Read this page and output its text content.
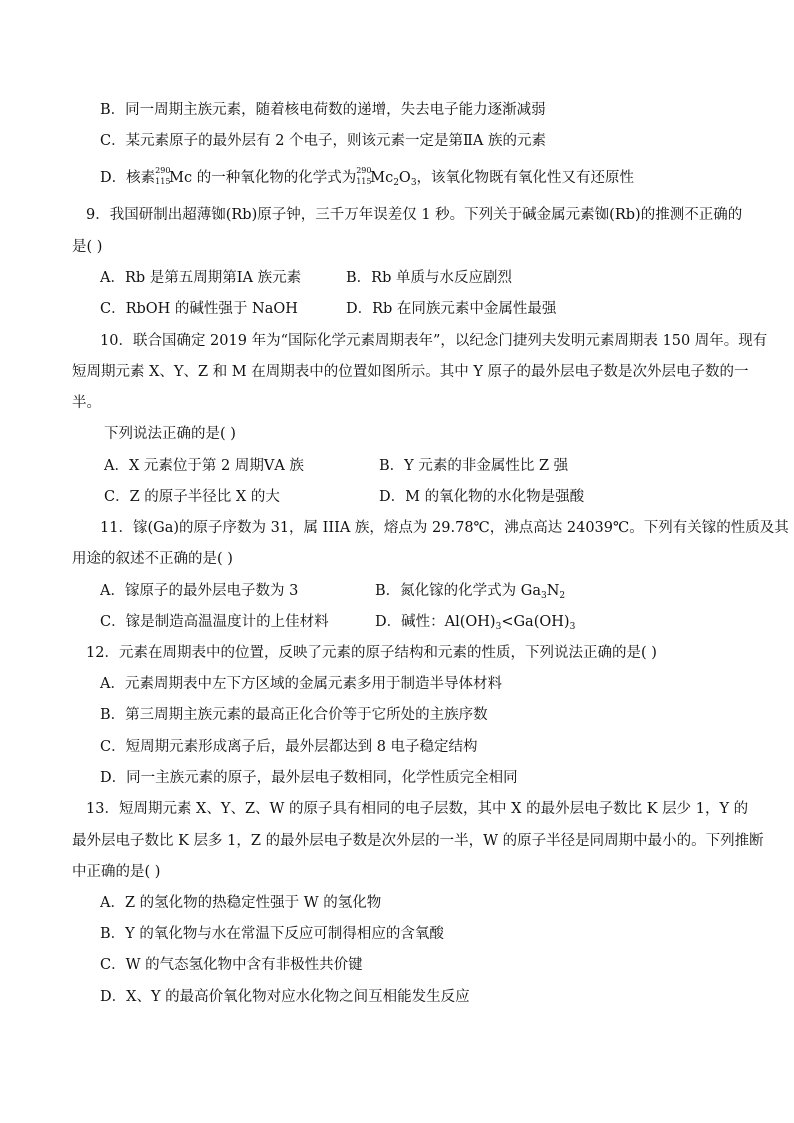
B．同一周期主族元素，随着核电荷数的递增，失去电子能力逐渐减弱
C．某元素原子的最外层有 2 个电子，则该元素一定是第ⅡA 族的元素
D．核素 290
115
Mc 的一种氧化物的化学式为 290
115
$Mc_2O_3$，该氧化物既有氧化性又有还原性
9．我国研制出超薄铷(Rb)原子钟，三千万年误差仅 1 秒。下列关于碱金属元素铷(Rb)的推测不正确的
是( )
A．Rb 是第五周期第ⅠA 族元素	B．Rb 单质与水反应剧烈
C．RbOH 的碱性强于 NaOH	D．Rb 在同族元素中金属性最强
10．联合国确定 2019 年为“国际化学元素周期表年”，以纪念门捷列夫发明元素周期表 150 周年。现有
短周期元素 X、Y、Z 和 M 在周期表中的位置如图所示。其中 Y 原子的最外层电子数是次外层电子数的一
半。
下列说法正确的是( )
A．X 元素位于第 2 周期ⅤA 族	B．Y 元素的非金属性比 Z 强
C．Z 的原子半径比 X 的大	D．M 的氧化物的水化物是强酸
11．镓(Ga)的原子序数为 31，属 IIIA 族，熔点为 29.78℃，沸点高达 24039℃。下列有关镓的性质及其
用途的叙述不正确的是( )
A．镓原子的最外层电子数为 3	B．氮化镓的化学式为 $Ga_3N_2$
C．镓是制造高温温度计的上佳材料	D．碱性：$Al(OH)_3<Ga(OH)_3$
12．元素在周期表中的位置，反映了元素的原子结构和元素的性质，下列说法正确的是( )
A．元素周期表中左下方区域的金属元素多用于制造半导体材料
B．第三周期主族元素的最高正化合价等于它所处的主族序数
C．短周期元素形成离子后，最外层都达到 8 电子稳定结构
D．同一主族元素的原子，最外层电子数相同，化学性质完全相同
13．短周期元素 X、Y、Z、W 的原子具有相同的电子层数，其中 X 的最外层电子数比 K 层少 1，Y 的
最外层电子数比 K 层多 1，Z 的最外层电子数是次外层的一半，W 的原子半径是同周期中最小的。下列推断
中正确的是( )
A．Z 的氢化物的热稳定性强于 W 的氢化物
B．Y 的氧化物与水在常温下反应可制得相应的含氧酸
C．W 的气态氢化物中含有非极性共价键
D．X、Y 的最高价氧化物对应水化物之间互相能发生反应
